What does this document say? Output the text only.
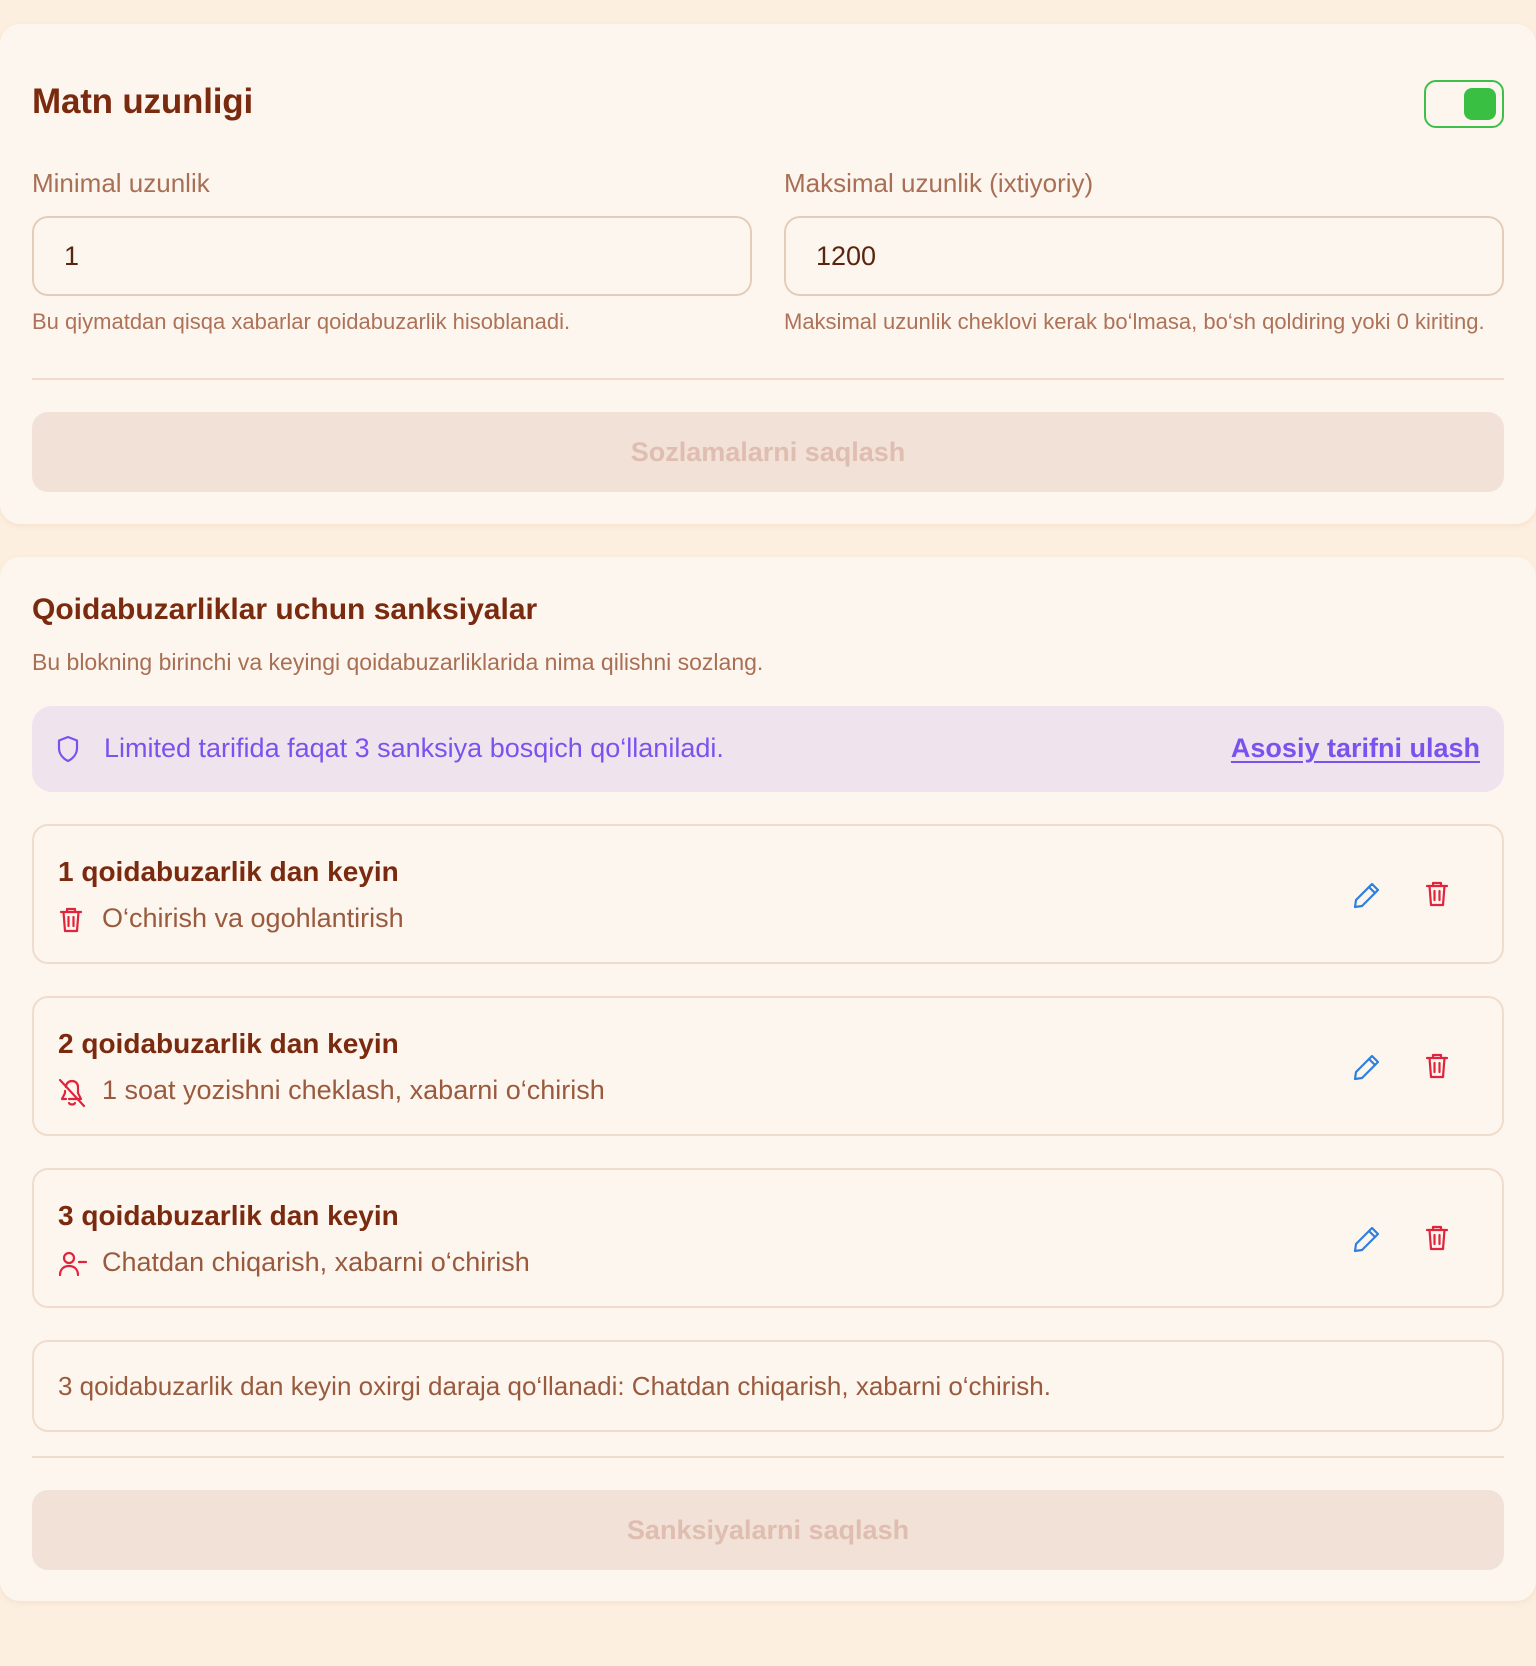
Matn uzunligi
Minimal uzunlik
1

Bu qiymatdan qisqa xabarlar qoidabuzarlik hisoblanadi.

Maksimal uzunlik (ixtiyoriy)
1200

Maksimal uzunlik cheklovi kerak bo‘lmasa, bo‘sh qoldiring yoki 0 kiriting.

Sozlamalarni saqlash
Qoidabuzarliklar uchun sanksiyalar

Bu blokning birinchi va keyingi qoidabuzarliklarida nima qilishni sozlang.

Limited tarifida faqat 3 sanksiya bosqich qo‘llaniladi.	Asosiy tarifni ulash
1 qoidabuzarlik dan keyin
O‘chirish va ogohlantirish
2 qoidabuzarlik dan keyin
1 soat yozishni cheklash, xabarni o‘chirish
3 qoidabuzarlik dan keyin
Chatdan chiqarish, xabarni o‘chirish
3 qoidabuzarlik dan keyin oxirgi daraja qo‘llanadi: Chatdan chiqarish, xabarni o‘chirish.
Sanksiyalarni saqlash
